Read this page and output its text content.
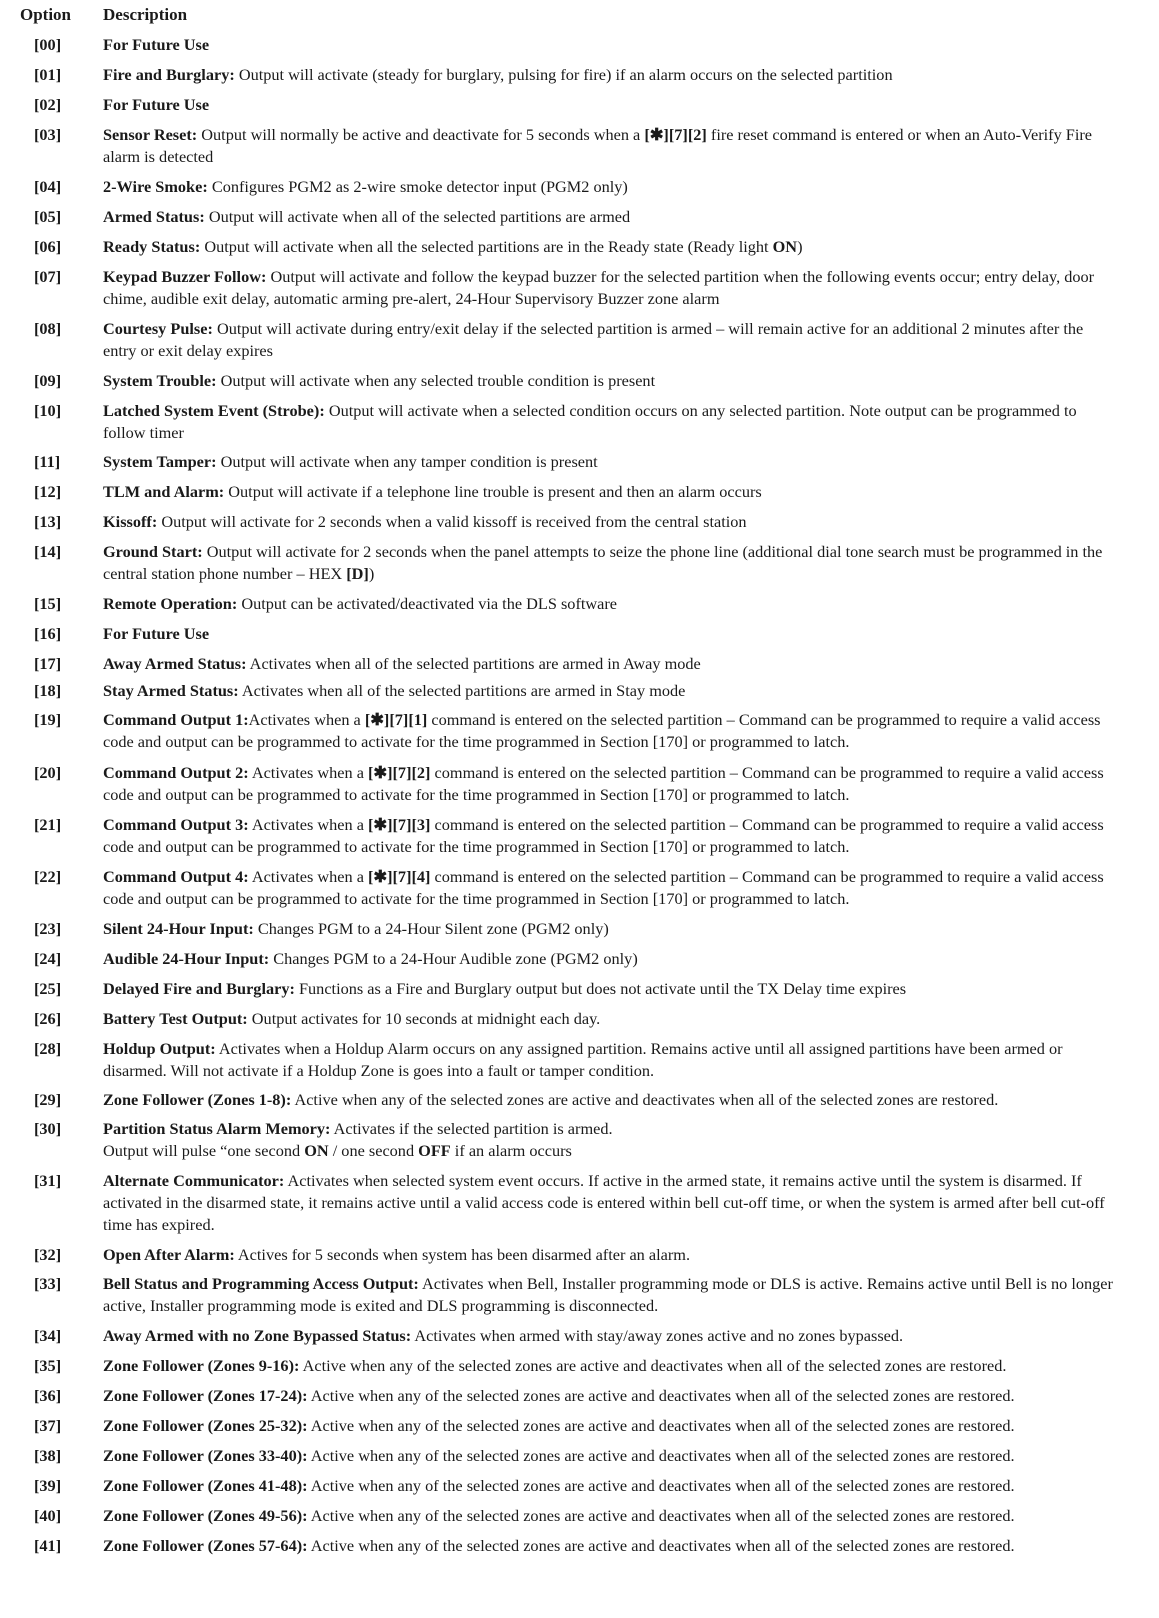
Option	Description
[00]	For Future Use
[01]	Fire and Burglary: Output will activate (steady for burglary, pulsing for fire) if an alarm occurs on the selected partition
[02]	For Future Use
[03]	Sensor Reset: Output will normally be active and deactivate for 5 seconds when a [✱][7][2] fire reset command is entered or when an Auto-Verify Fire alarm is detected
[04]	2-Wire Smoke: Configures PGM2 as 2-wire smoke detector input (PGM2 only)
[05]	Armed Status: Output will activate when all of the selected partitions are armed
[06]	Ready Status: Output will activate when all the selected partitions are in the Ready state (Ready light ON)
[07]	Keypad Buzzer Follow: Output will activate and follow the keypad buzzer for the selected partition when the following events occur; entry delay, door chime, audible exit delay, automatic arming pre-alert, 24-Hour Supervisory Buzzer zone alarm
[08]	Courtesy Pulse: Output will activate during entry/exit delay if the selected partition is armed – will remain active for an additional 2 minutes after the entry or exit delay expires
[09]	System Trouble: Output will activate when any selected trouble condition is present
[10]	Latched System Event (Strobe): Output will activate when a selected condition occurs on any selected partition. Note output can be programmed to follow timer
[11]	System Tamper: Output will activate when any tamper condition is present
[12]	TLM and Alarm: Output will activate if a telephone line trouble is present and then an alarm occurs
[13]	Kissoff: Output will activate for 2 seconds when a valid kissoff is received from the central station
[14]	Ground Start: Output will activate for 2 seconds when the panel attempts to seize the phone line (additional dial tone search must be programmed in the central station phone number – HEX [D])
[15]	Remote Operation: Output can be activated/deactivated via the DLS software
[16]	For Future Use
[17]	Away Armed Status: Activates when all of the selected partitions are armed in Away mode
[18]	Stay Armed Status: Activates when all of the selected partitions are armed in Stay mode
[19]	Command Output 1:Activates when a [✱][7][1] command is entered on the selected partition – Command can be programmed to require a valid access code and output can be programmed to activate for the time programmed in Section [170] or programmed to latch.
[20]	Command Output 2: Activates when a [✱][7][2] command is entered on the selected partition – Command can be programmed to require a valid access code and output can be programmed to activate for the time programmed in Section [170] or programmed to latch.
[21]	Command Output 3: Activates when a [✱][7][3] command is entered on the selected partition – Command can be programmed to require a valid access code and output can be programmed to activate for the time programmed in Section [170] or programmed to latch.
[22]	Command Output 4: Activates when a [✱][7][4] command is entered on the selected partition – Command can be programmed to require a valid access code and output can be programmed to activate for the time programmed in Section [170] or programmed to latch.
[23]	Silent 24-Hour Input: Changes PGM to a 24-Hour Silent zone (PGM2 only)
[24]	Audible 24-Hour Input: Changes PGM to a 24-Hour Audible zone (PGM2 only)
[25]	Delayed Fire and Burglary: Functions as a Fire and Burglary output but does not activate until the TX Delay time expires
[26]	Battery Test Output: Output activates for 10 seconds at midnight each day.
[28]	Holdup Output: Activates when a Holdup Alarm occurs on any assigned partition. Remains active until all assigned partitions have been armed or disarmed. Will not activate if a Holdup Zone is goes into a fault or tamper condition.
[29]	Zone Follower (Zones 1-8): Active when any of the selected zones are active and deactivates when all of the selected zones are restored.
[30]	Partition Status Alarm Memory: Activates if the selected partition is armed.
Output will pulse “one second ON / one second OFF if an alarm occurs
[31]	Alternate Communicator: Activates when selected system event occurs. If active in the armed state, it remains active until the system is disarmed. If activated in the disarmed state, it remains active until a valid access code is entered within bell cut-off time, or when the system is armed after bell cut-off time has expired.
[32]	Open After Alarm: Actives for 5 seconds when system has been disarmed after an alarm.
[33]	Bell Status and Programming Access Output: Activates when Bell, Installer programming mode or DLS is active. Remains active until Bell is no longer active, Installer programming mode is exited and DLS programming is disconnected.
[34]	Away Armed with no Zone Bypassed Status: Activates when armed with stay/away zones active and no zones bypassed.
[35]	Zone Follower (Zones 9-16): Active when any of the selected zones are active and deactivates when all of the selected zones are restored.
[36]	Zone Follower (Zones 17-24): Active when any of the selected zones are active and deactivates when all of the selected zones are restored.
[37]	Zone Follower (Zones 25-32): Active when any of the selected zones are active and deactivates when all of the selected zones are restored.
[38]	Zone Follower (Zones 33-40): Active when any of the selected zones are active and deactivates when all of the selected zones are restored.
[39]	Zone Follower (Zones 41-48): Active when any of the selected zones are active and deactivates when all of the selected zones are restored.
[40]	Zone Follower (Zones 49-56): Active when any of the selected zones are active and deactivates when all of the selected zones are restored.
[41]	Zone Follower (Zones 57-64): Active when any of the selected zones are active and deactivates when all of the selected zones are restored.
